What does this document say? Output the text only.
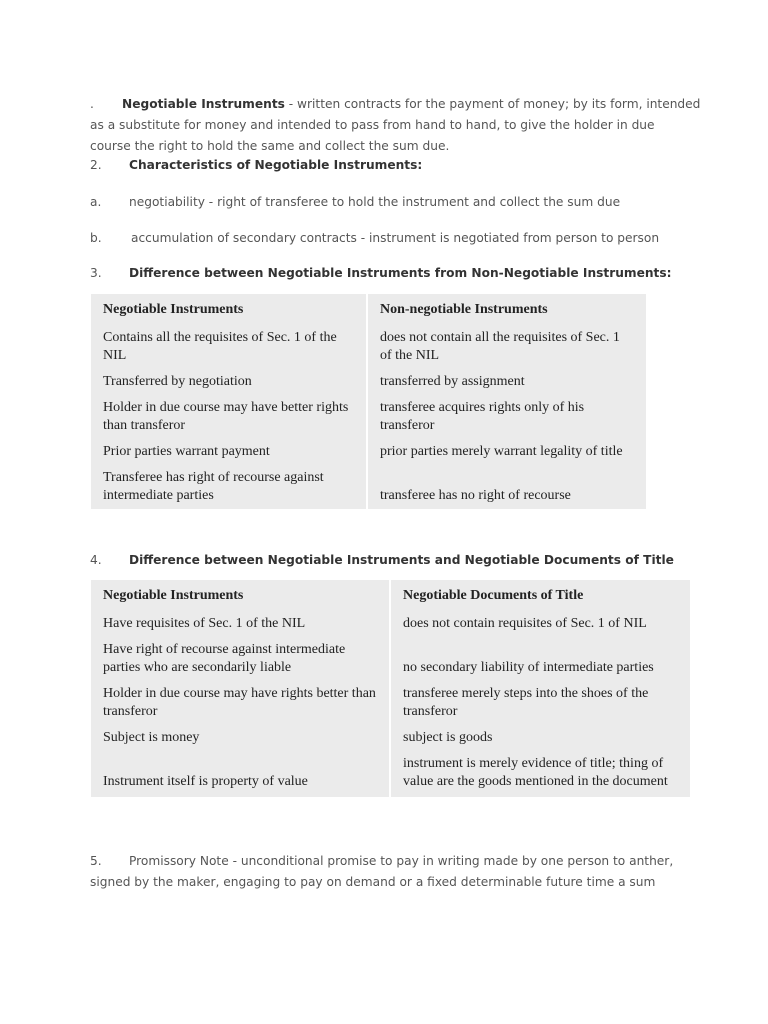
. Negotiable Instruments - written contracts for the payment of money; by its form, intended
as a substitute for money and intended to pass from hand to hand, to give the holder in due
course the right to hold the same and collect the sum due.
2. Characteristics of Negotiable Instruments:
a. negotiability - right of transferee to hold the instrument and collect the sum due
b. accumulation of secondary contracts - instrument is negotiated from person to person
3. Difference between Negotiable Instruments from Non-Negotiable Instruments:
Negotiable Instruments	Non-negotiable Instruments
Contains all the requisites of Sec. 1 of the NIL	does not contain all the requisites of Sec. 1 of the NIL
Transferred by negotiation	transferred by assignment
Holder in due course may have better rights than transferor	transferee acquires rights only of his transferor
Prior parties warrant payment	prior parties merely warrant legality of title
Transferee has right of recourse against intermediate parties	transferee has no right of recourse
4. Difference between Negotiable Instruments and Negotiable Documents of Title
Negotiable Instruments	Negotiable Documents of Title
Have requisites of Sec. 1 of the NIL	does not contain requisites of Sec. 1 of NIL
Have right of recourse against intermediate parties who are secondarily liable	no secondary liability of intermediate parties
Holder in due course may have rights better than transferor	transferee merely steps into the shoes of the transferor
Subject is money	subject is goods
Instrument itself is property of value	instrument is merely evidence of title; thing of value are the goods mentioned in the document
5. Promissory Note - unconditional promise to pay in writing made by one person to anther,
signed by the maker, engaging to pay on demand or a fixed determinable future time a sum
